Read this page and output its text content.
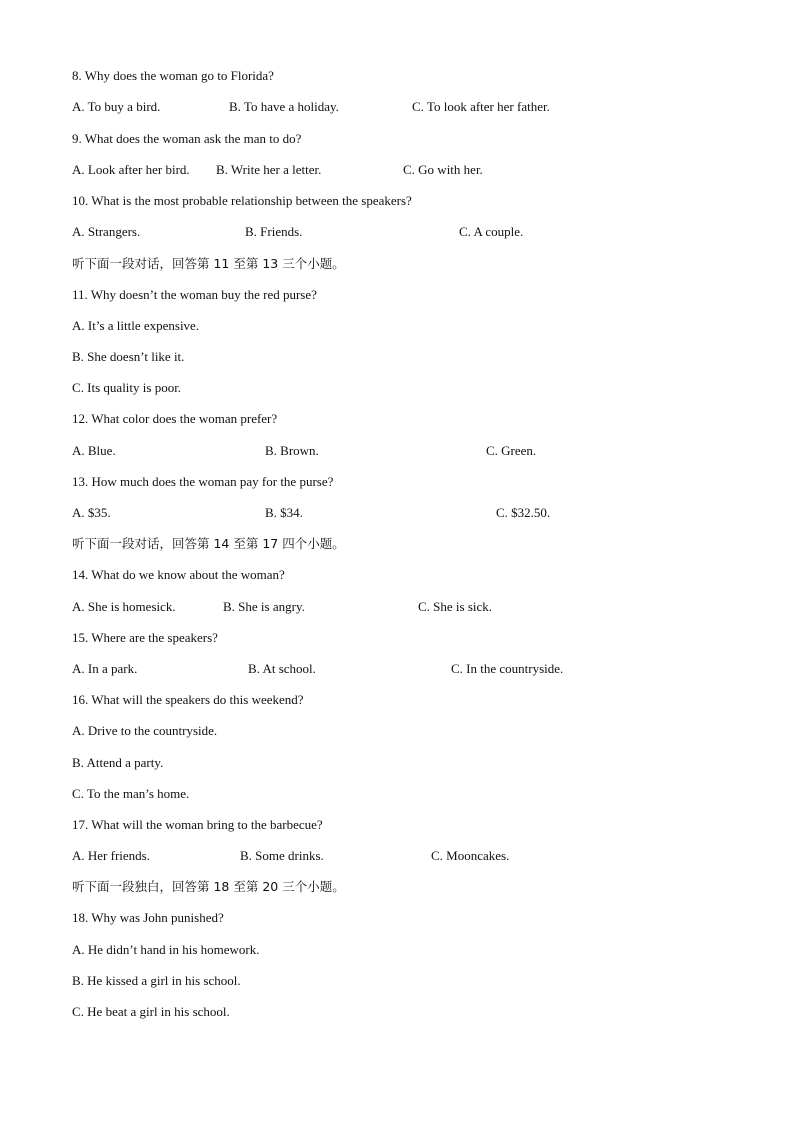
8. Why does the woman go to Florida?
A. To buy a bird.	B. To have a holiday.	C. To look after her father.
9. What does the woman ask the man to do?
A. Look after her bird. B. Write her a letter.	C. Go with her.
10. What is the most probable relationship between the speakers?
A. Strangers.	B. Friends.	C. A couple.
听下面一段对话，回答第 11 至第 13 三个小题。
11. Why doesn’t the woman buy the red purse?
A. It’s a little expensive.
B. She doesn’t like it.
C. Its quality is poor.
12. What color does the woman prefer?
A. Blue.	B. Brown.	C. Green.
13. How much does the woman pay for the purse?
A. $35.	B. $34.	C. $32.50.
听下面一段对话，回答第 14 至第 17 四个小题。
14. What do we know about the woman?
A. She is homesick.	B. She is angry.	C. She is sick.
15. Where are the speakers?
A. In a park.	B. At school.	C. In the countryside.
16. What will the speakers do this weekend?
A. Drive to the countryside.
B. Attend a party.
C. To the man’s home.
17. What will the woman bring to the barbecue?
A. Her friends.	B. Some drinks.	C. Mooncakes.
听下面一段独白，回答第 18 至第 20 三个小题。
18. Why was John punished?
A. He didn’t hand in his homework.
B. He kissed a girl in his school.
C. He beat a girl in his school.
